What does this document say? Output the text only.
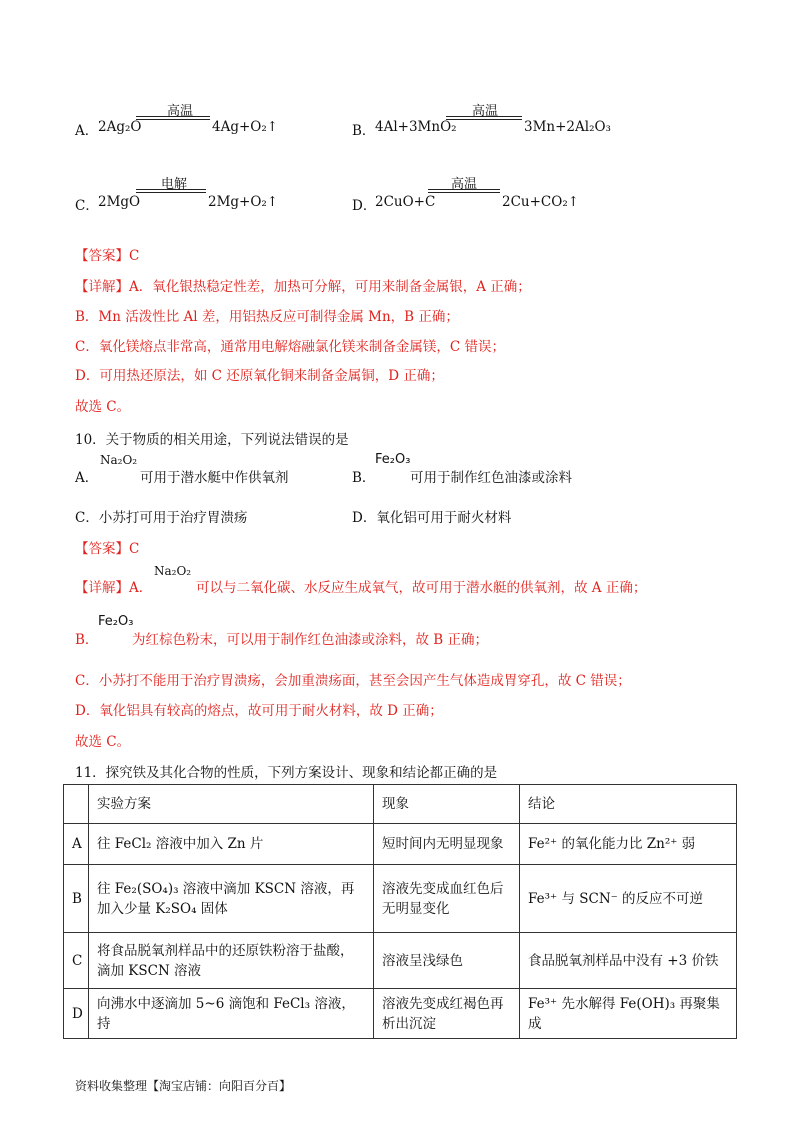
A． 2Ag₂O
高温
4Ag+O₂↑	B． 4Al+3MnO₂
高温
3Mn+2Al₂O₃
C． 2MgO
电解
2Mg+O₂↑	D．
2CuO+C
高温
2Cu+CO₂↑
【答案】C
【详解】A．氧化银热稳定性差，加热可分解，可用来制备金属银，A 正确；
B．Mn 活泼性比 Al 差，用铝热反应可制得金属 Mn，B 正确；
C．氧化镁熔点非常高，通常用电解熔融氯化镁来制备金属镁，C 错误；
D．可用热还原法，如 C 还原氧化铜来制备金属铜，D 正确；
故选 C。
10．关于物质的相关用途，下列说法错误的是
A．
Na₂O₂
可用于潜水艇中作供氧剂	B．
Fe₂O₃
可用于制作红色油漆或涂料
C．小苏打可用于治疗胃溃疡	D．氧化铝可用于耐火材料
【答案】C
【详解】A．
Na₂O₂
可以与二氧化碳、水反应生成氧气，故可用于潜水艇的供氧剂，故 A 正确；
B．
Fe₂O₃
为红棕色粉末，可以用于制作红色油漆或涂料，故 B 正确；
C．小苏打不能用于治疗胃溃疡，会加重溃疡面，甚至会因产生气体造成胃穿孔，故 C 错误；
D．氧化铝具有较高的熔点，故可用于耐火材料，故 D 正确；
故选 C。
11．探究铁及其化合物的性质，下列方案设计、现象和结论都正确的是
	实验方案	现象	结论
A	往 FeCl₂ 溶液中加入 Zn 片	短时间内无明显现象	Fe²⁺ 的氧化能力比 Zn²⁺ 弱
B	往 Fe₂(SO₄)₃ 溶液中滴加 KSCN 溶液，再加入少量 K₂SO₄ 固体	溶液先变成血红色后无明显变化	Fe³⁺ 与 SCN⁻ 的反应不可逆
C	将食品脱氧剂样品中的还原铁粉溶于盐酸，滴加 KSCN 溶液	溶液呈浅绿色	食品脱氧剂样品中没有 +3 价铁
D	向沸水中逐滴加 5~6 滴饱和 FeCl₃ 溶液，持	溶液先变成红褐色再析出沉淀	Fe³⁺ 先水解得 Fe(OH)₃ 再聚集成
资料收集整理【淘宝店铺：向阳百分百】
